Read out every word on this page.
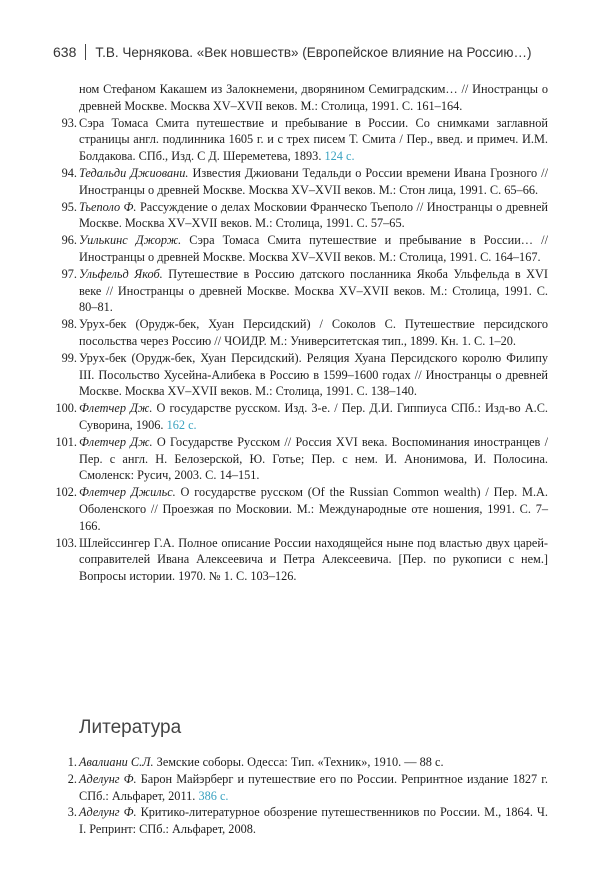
638 Т.В. Чернякова. «Век новшеств» (Европейское влияние на Россию…)
ном Стефаном Какашем из Залокнемени, дворянином Семиградским… // Иностранцы о древней Москве. Москва XV–XVII веков. М.: Столица, 1991. С. 161–164.
93. Сэра Томаса Смита путешествие и пребывание в России. Со снимками заглавной страницы англ. подлинника 1605 г. и с трех писем Т. Смита / Пер., введ. и примеч. И.М. Болдакова. СПб., Изд. С Д. Шереметева, 1893. 124 с.
94. Тедальди Джиовани. Известия Джиовани Тедальди о России времени Ивана Грозного // Иностранцы о древней Москве. Москва XV–XVII веков. М.: Стон лица, 1991. С. 65–66.
95. Тьеполо Ф. Рассуждение о делах Московии Франческо Тьеполо // Иностранцы о древней Москве. Москва XV–XVII веков. М.: Столица, 1991. С. 57–65.
96. Уилькинс Джорж. Сэра Томаса Смита путешествие и пребывание в России… // Иностранцы о древней Москве. Москва XV–XVII веков. М.: Столица, 1991. С. 164–167.
97. Ульфельд Якоб. Путешествие в Россию датского посланника Якоба Ульфельда в XVI веке // Иностранцы о древней Москве. Москва XV–XVII веков. М.: Столица, 1991. С. 80–81.
98. Урух-бек (Орудж-бек, Хуан Персидский) / Соколов С. Путешествие персидского посольства через Россию // ЧОИДР. М.: Университетская тип., 1899. Кн. 1. С. 1–20.
99. Урух-бек (Орудж-бек, Хуан Персидский). Реляция Хуана Персидского королю Филипу III. Посольство Хусейна-Алибека в Россию в 1599–1600 годах // Иностранцы о древней Москве. Москва XV–XVII веков. М.: Столица, 1991. С. 138–140.
100. Флетчер Дж. О государстве русском. Изд. 3-е. / Пер. Д.И. Гиппиуса СПб.: Изд-во А.С. Суворина, 1906. 162 с.
101. Флетчер Дж. О Государстве Русском // Россия XVI века. Воспоминания иностранцев / Пер. с англ. Н. Белозерской, Ю. Готье; Пер. с нем. И. Анонимова, И. Полосина. Смоленск: Русич, 2003. С. 14–151.
102. Флетчер Джильс. О государстве русском (Of the Russian Common wealth) / Пер. М.А. Оболенского // Проезжая по Московии. М.: Международные оте ношения, 1991. С. 7–166.
103. Шлейссингер Г.А. Полное описание России находящейся ныне под властью двух царей-соправителей Ивана Алексеевича и Петра Алексеевича. [Пер. по рукописи с нем.] Вопросы истории. 1970. № 1. С. 103–126.
Литература
1. Авалиани С.Л. Земские соборы. Одесса: Тип. «Техник», 1910. — 88 с.
2. Аделунг Ф. Барон Майэрберг и путешествие его по России. Репринтное издание 1827 г. СПб.: Альфарет, 2011. 386 с.
3. Аделунг Ф. Критико-литературное обозрение путешественников по России. М., 1864. Ч. I. Репринт: СПб.: Альфарет, 2008.
